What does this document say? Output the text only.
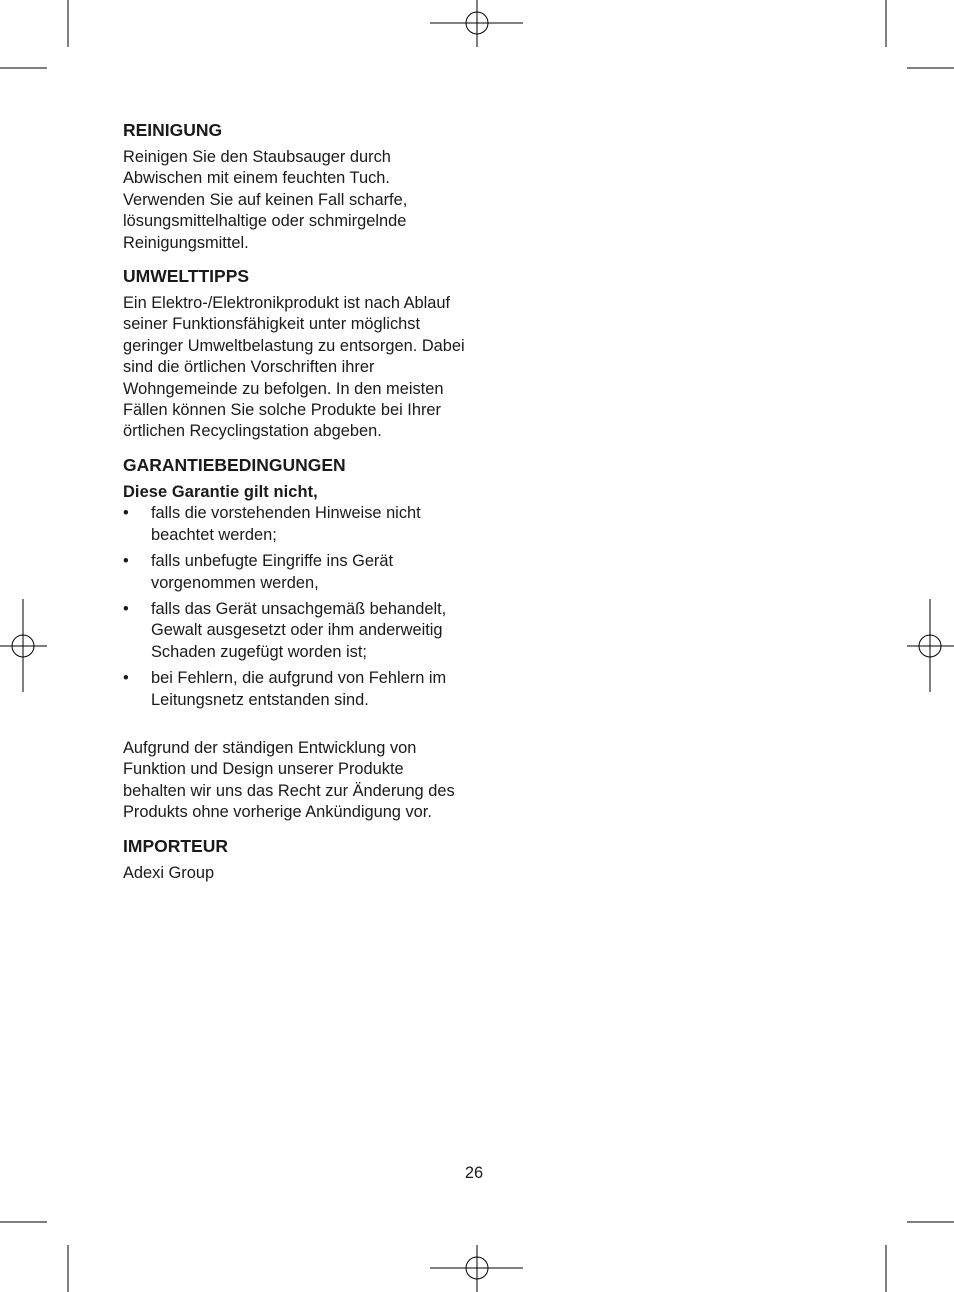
REINIGUNG

Reinigen Sie den Staubsauger durch Abwischen mit einem feuchten Tuch. Verwenden Sie auf keinen Fall scharfe, lösungsmittelhaltige oder schmirgelnde Reinigungsmittel.

UMWELTTIPPS

Ein Elektro-/Elektronikprodukt ist nach Ablauf seiner Funktionsfähigkeit unter möglichst geringer Umweltbelastung zu entsorgen. Dabei sind die örtlichen Vorschriften ihrer Wohngemeinde zu befolgen. In den meisten Fällen können Sie solche Produkte bei Ihrer örtlichen Recyclingstation abgeben.

GARANTIEBEDINGUNGEN

Diese Garantie gilt nicht,

• falls die vorstehenden Hinweise nicht beachtet werden;
• falls unbefugte Eingriffe ins Gerät vorgenommen werden,
• falls das Gerät unsachgemäß behandelt, Gewalt ausgesetzt oder ihm anderweitig Schaden zugefügt worden ist;
• bei Fehlern, die aufgrund von Fehlern im Leitungsnetz entstanden sind.

Aufgrund der ständigen Entwicklung von Funktion und Design unserer Produkte behalten wir uns das Recht zur Änderung des Produkts ohne vorherige Ankündigung vor.

IMPORTEUR

Adexi Group

26
